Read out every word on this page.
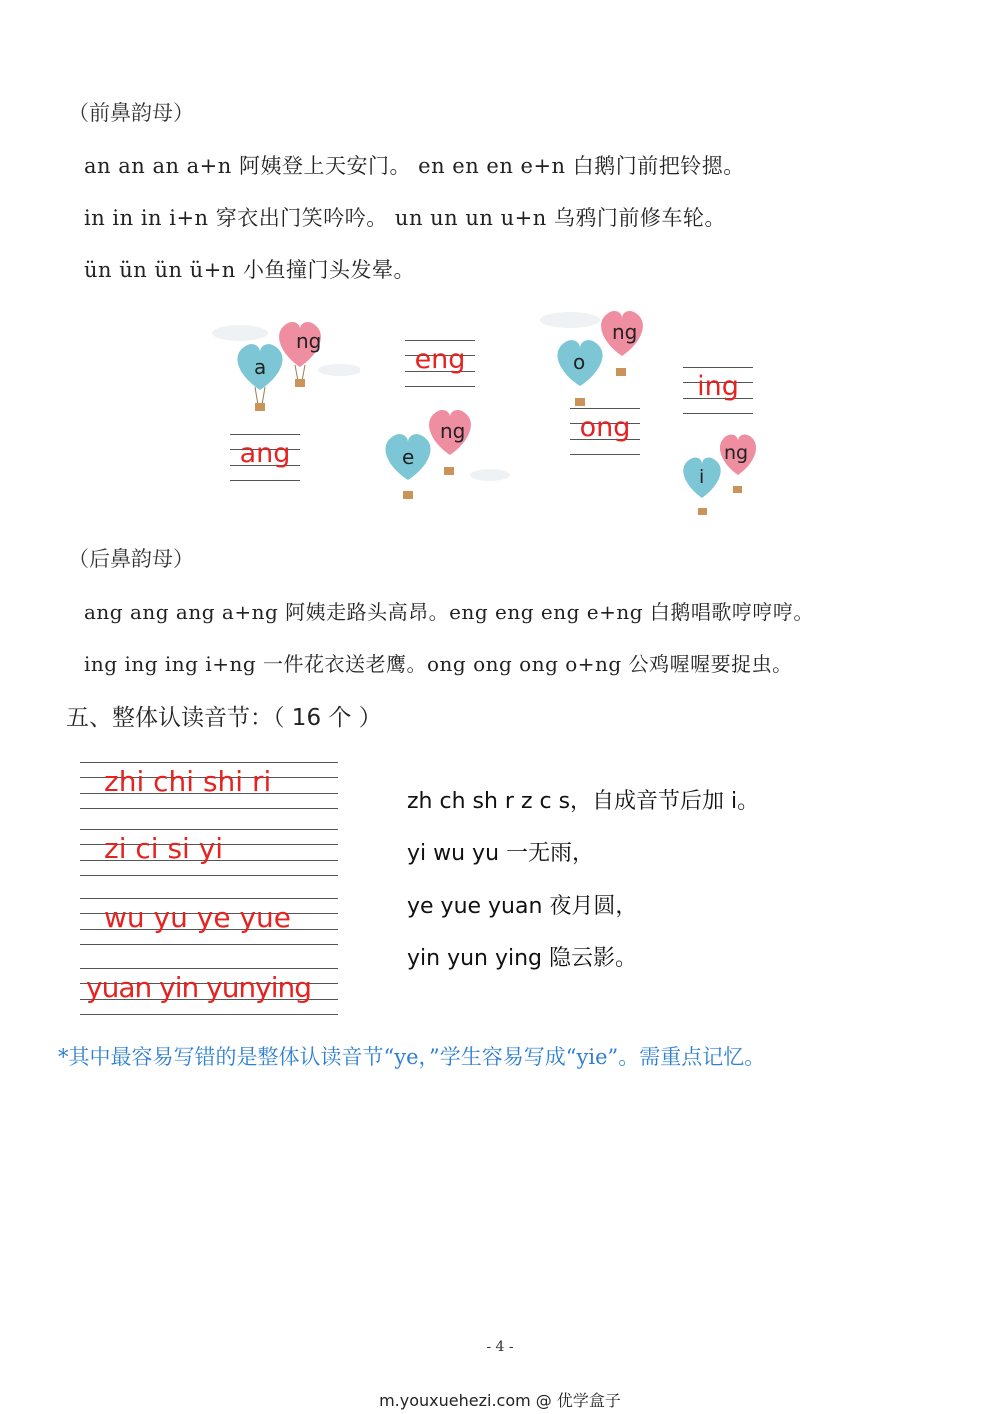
（前鼻韵母）
an an an a+n 阿姨登上天安门。 en en en e+n 白鹅门前把铃摁。
in in in i+n 穿衣出门笑吟吟。 un un un u+n 乌鸦门前修车轮。
ün ün ün ü+n 小鱼撞门头发晕。
ng
a
ng
e
ng
o
ng
i
eng
ang
ing
ong
（后鼻韵母）
ang ang ang a+ng 阿姨走路头高昂。eng eng eng e+ng 白鹅唱歌哼哼哼。
ing ing ing i+ng 一件花衣送老鹰。ong ong ong o+ng 公鸡喔喔要捉虫。
五、整体认读音节：（ 16 个 ）
zhi chi shi ri
zi ci si yi
wu yu ye yue
yuan yin yunying
zh ch sh r z c s，自成音节后加 i。
yi wu yu 一无雨，
ye yue yuan 夜月圆，
yin yun ying 隐云影。
*其中最容易写错的是整体认读音节“ye，”学生容易写成“yie”。需重点记忆。
- 4 -
m.youxuehezi.com @ 优学盒子
